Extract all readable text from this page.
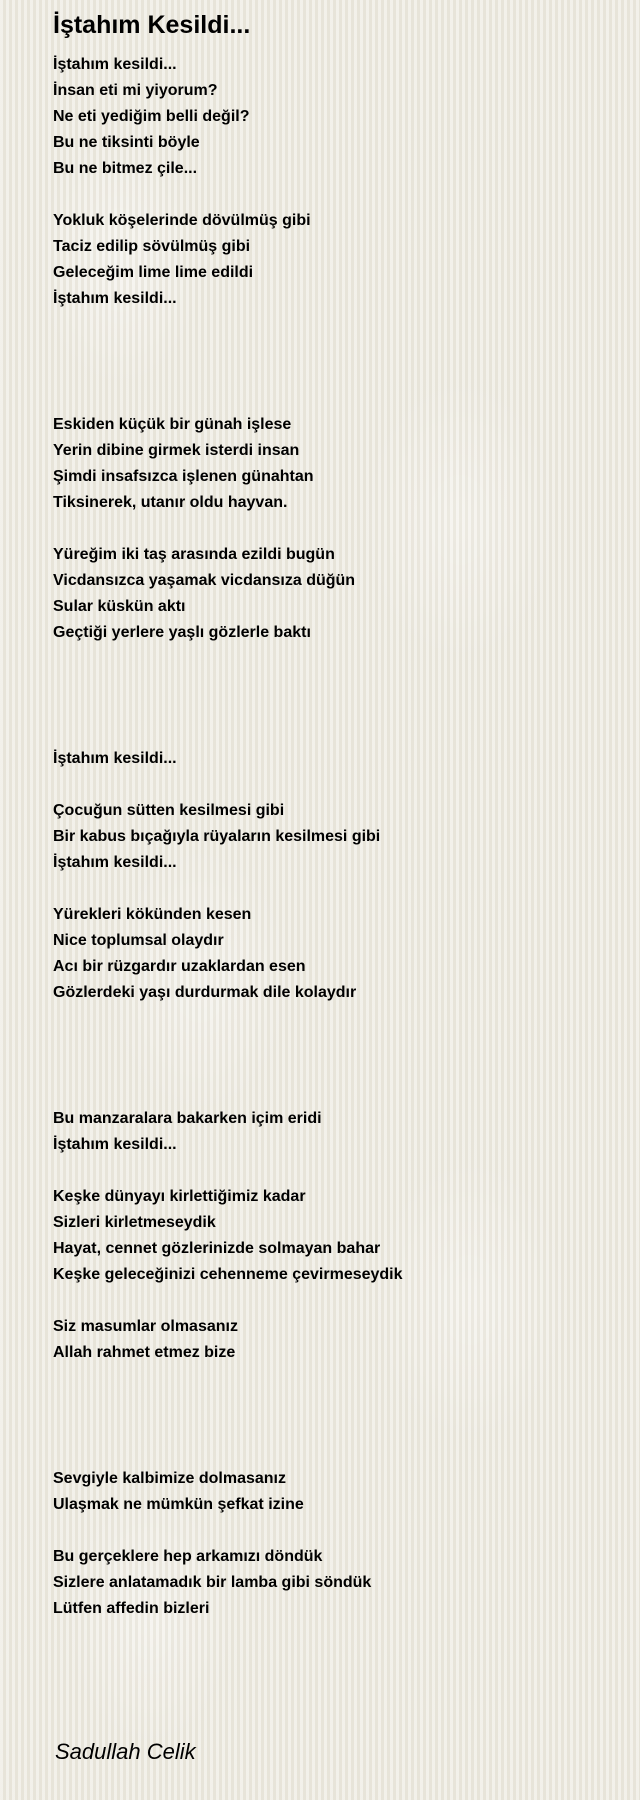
İştahım Kesildi...
İştahım kesildi...
İnsan eti mi yiyorum?
Ne eti yediğim belli değil?
Bu ne tiksinti böyle
Bu ne bitmez çile...
Yokluk köşelerinde dövülmüş gibi
Taciz edilip sövülmüş gibi
Geleceğim lime lime edildi
İştahım kesildi...
Eskiden küçük bir günah işlese
Yerin dibine girmek isterdi insan
Şimdi insafsızca işlenen günahtan
Tiksinerek, utanır oldu hayvan.
Yüreğim iki taş arasında ezildi bugün
Vicdansızca yaşamak vicdansıza düğün
Sular küskün aktı
Geçtiği yerlere yaşlı gözlerle baktı
İştahım kesildi...
Çocuğun sütten kesilmesi gibi
Bir kabus bıçağıyla rüyaların kesilmesi gibi
İştahım kesildi...
Yürekleri kökünden kesen
Nice toplumsal olaydır
Acı bir rüzgardır uzaklardan esen
Gözlerdeki yaşı durdurmak dile kolaydır
Bu manzaralara bakarken içim eridi
İştahım kesildi...
Keşke dünyayı kirlettiğimiz kadar
Sizleri kirletmeseydik
Hayat, cennet gözlerinizde solmayan bahar
Keşke geleceğinizi cehenneme çevirmeseydik
Siz masumlar olmasanız
Allah rahmet etmez bize
Sevgiyle kalbimize dolmasanız
Ulaşmak ne mümkün şefkat izine
Bu gerçeklere hep arkamızı döndük
Sizlere anlatamadık bir lamba gibi söndük
Lütfen affedin bizleri
Sadullah Celik
